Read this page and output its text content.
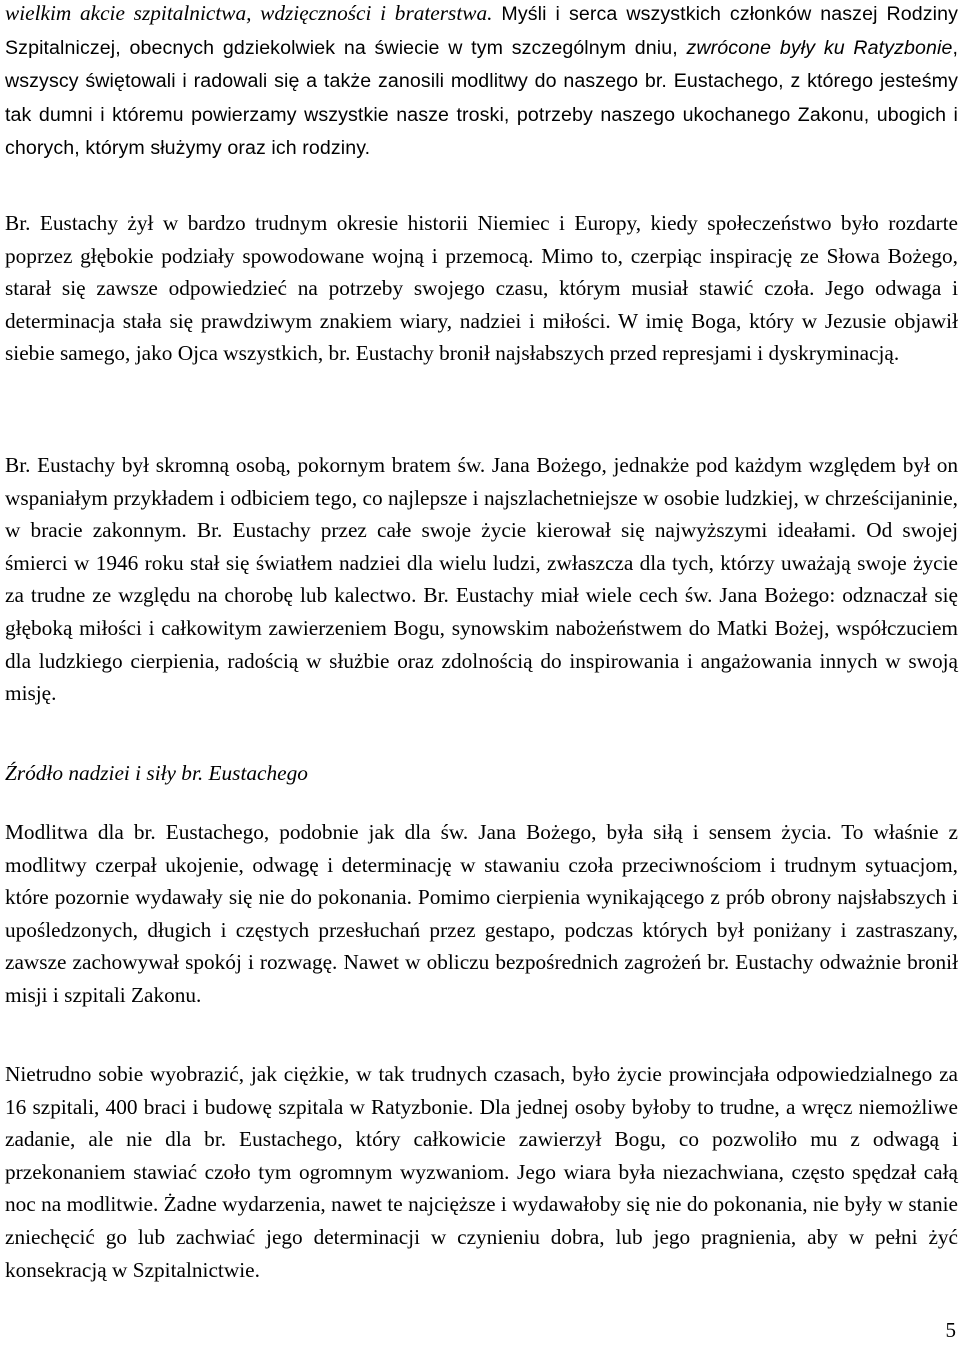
wielkim akcie szpitalnictwa, wdzięczności i braterstwa. Myśli i serca wszystkich członków naszej Rodziny Szpitalniczej, obecnych gdziekolwiek na świecie w tym szczególnym dniu, zwrócone były ku Ratyzbonie, wszyscy świętowali i radowali się a także zanosili modlitwy do naszego br. Eustachego, z którego jesteśmy tak dumni i któremu powierzamy wszystkie nasze troski, potrzeby naszego ukochanego Zakonu, ubogich i chorych, którym służymy oraz ich rodziny.

Br. Eustachy żył w bardzo trudnym okresie historii Niemiec i Europy, kiedy społeczeństwo było rozdarte poprzez głębokie podziały spowodowane wojną i przemocą. Mimo to, czerpiąc inspirację ze Słowa Bożego, starał się zawsze odpowiedzieć na potrzeby swojego czasu, którym musiał stawić czoła. Jego odwaga i determinacja stała się prawdziwym znakiem wiary, nadziei i miłości. W imię Boga, który w Jezusie objawił siebie samego, jako Ojca wszystkich, br. Eustachy bronił najsłabszych przed represjami i dyskryminacją.

Br. Eustachy był skromną osobą, pokornym bratem św. Jana Bożego, jednakże pod każdym względem był on wspaniałym przykładem i odbiciem tego, co najlepsze i najszlachetniejsze w osobie ludzkiej, w chrześcijaninie, w bracie zakonnym. Br. Eustachy przez całe swoje życie kierował się najwyższymi ideałami. Od swojej śmierci w 1946 roku stał się światłem nadziei dla wielu ludzi, zwłaszcza dla tych, którzy uważają swoje życie za trudne ze względu na chorobę lub kalectwo. Br. Eustachy miał wiele cech św. Jana Bożego: odznaczał się głęboką miłości i całkowitym zawierzeniem Bogu, synowskim nabożeństwem do Matki Bożej, współczuciem dla ludzkiego cierpienia, radością w służbie oraz zdolnością do inspirowania i angażowania innych w swoją misję.

Źródło nadziei i siły br. Eustachego

Modlitwa dla br. Eustachego, podobnie jak dla św. Jana Bożego, była siłą i sensem życia. To właśnie z modlitwy czerpał ukojenie, odwagę i determinację w stawaniu czoła przeciwnościom i trudnym sytuacjom, które pozornie wydawały się nie do pokonania. Pomimo cierpienia wynikającego z prób obrony najsłabszych i upośledzonych, długich i częstych przesłuchań przez gestapo, podczas których był poniżany i zastraszany, zawsze zachowywał spokój i rozwagę. Nawet w obliczu bezpośrednich zagrożeń br. Eustachy odważnie bronił misji i szpitali Zakonu.

Nietrudno sobie wyobrazić, jak ciężkie, w tak trudnych czasach, było życie prowincjała odpowiedzialnego za 16 szpitali, 400 braci i budowę szpitala w Ratyzbonie. Dla jednej osoby byłoby to trudne, a wręcz niemożliwe zadanie, ale nie dla br. Eustachego, który całkowicie zawierzył Bogu, co pozwoliło mu z odwagą i przekonaniem stawiać czoło tym ogromnym wyzwaniom. Jego wiara była niezachwiana, często spędzał całą noc na modlitwie. Żadne wydarzenia, nawet te najcięższe i wydawałoby się nie do pokonania, nie były w stanie zniechęcić go lub zachwiać jego determinacji w czynieniu dobra, lub jego pragnienia, aby w pełni żyć konsekracją w Szpitalnictwie.

5
